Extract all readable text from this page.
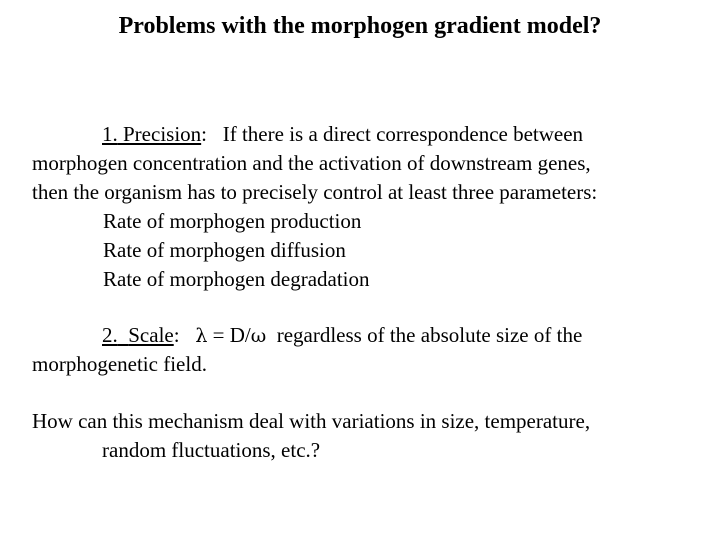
Problems with the morphogen gradient model?
1. Precision:   If there is a direct correspondence between
morphogen concentration and the activation of downstream genes,
then the organism has to precisely control at least three parameters:
Rate of morphogen production
Rate of morphogen diffusion
Rate of morphogen degradation
2. Scale:   λ = D/ω  regardless of the absolute size of the
morphogenetic field.
How can this mechanism deal with variations in size, temperature,
random fluctuations, etc.?
